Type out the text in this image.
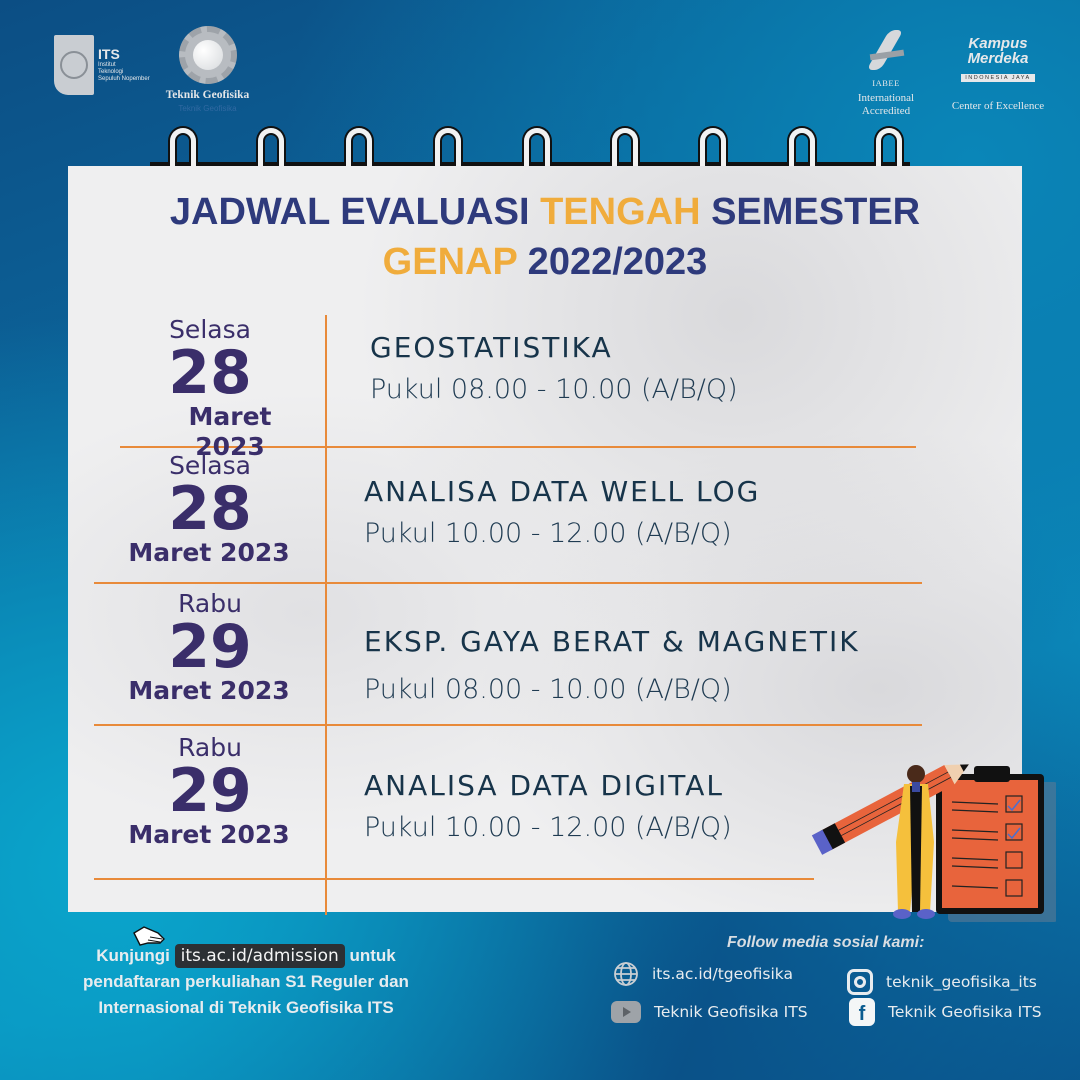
ITS
Institut
Teknologi
Sepuluh Nopember
Teknik Geofisika
Teknik Geofisika
IABEE
International
Accredited
Kampus
Merdeka
INDONESIA JAYA
Center of Excellence
JADWAL EVALUASI TENGAH SEMESTER
GENAP 2022/2023
Selasa
28
Maret 2023
GEOSTATISTIKA
Pukul 08.00 - 10.00 (A/B/Q)
Selasa
28
Maret 2023
ANALISA DATA WELL LOG
Pukul 10.00 - 12.00 (A/B/Q)
Rabu
29
Maret 2023
EKSP. GAYA BERAT & MAGNETIK
Pukul 08.00 - 10.00 (A/B/Q)
Rabu
29
Maret 2023
ANALISA DATA DIGITAL
Pukul 10.00 - 12.00 (A/B/Q)
Kunjungi its.ac.id/admission untuk
pendaftaran perkuliahan S1 Reguler dan
Internasional di Teknik Geofisika ITS
Follow media sosial kami:
its.ac.id/tgeofisika	teknik_geofisika_its
Teknik Geofisika ITS	f	Teknik Geofisika ITS
